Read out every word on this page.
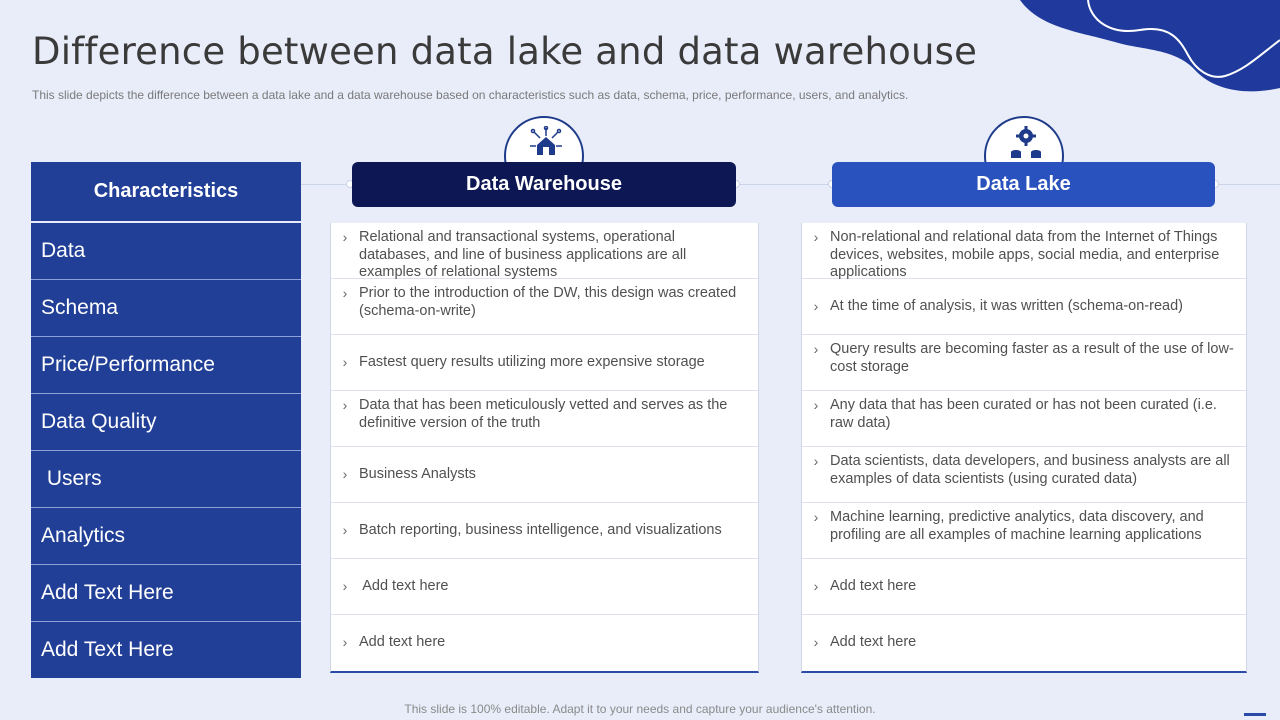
Difference between data lake and data warehouse

This slide depicts the difference between a data lake and a data warehouse based on characteristics such as data, schema, price, performance, users, and analytics.

Data Warehouse	Data Lake
Characteristics
Data
Schema
Price/Performance
Data Quality
Users
Analytics
Add Text Here
Add Text Here
› Relational and transactional systems, operational databases, and line of business applications are all examples of relational systems
› Prior to the introduction of the DW, this design was created (schema-on-write)
› Fastest query results utilizing more expensive storage
› Data that has been meticulously vetted and serves as the definitive version of the truth
› Business Analysts
› Batch reporting, business intelligence, and visualizations
› Add text here
› Add text here
› Non-relational and relational data from the Internet of Things devices, websites, mobile apps, social media, and enterprise applications
› At the time of analysis, it was written (schema-on-read)
› Query results are becoming faster as a result of the use of low-cost storage
› Any data that has been curated or has not been curated (i.e. raw data)
› Data scientists, data developers, and business analysts are all examples of data scientists (using curated data)
› Machine learning, predictive analytics, data discovery, and profiling are all examples of machine learning applications
› Add text here
› Add text here

This slide is 100% editable. Adapt it to your needs and capture your audience's attention.
